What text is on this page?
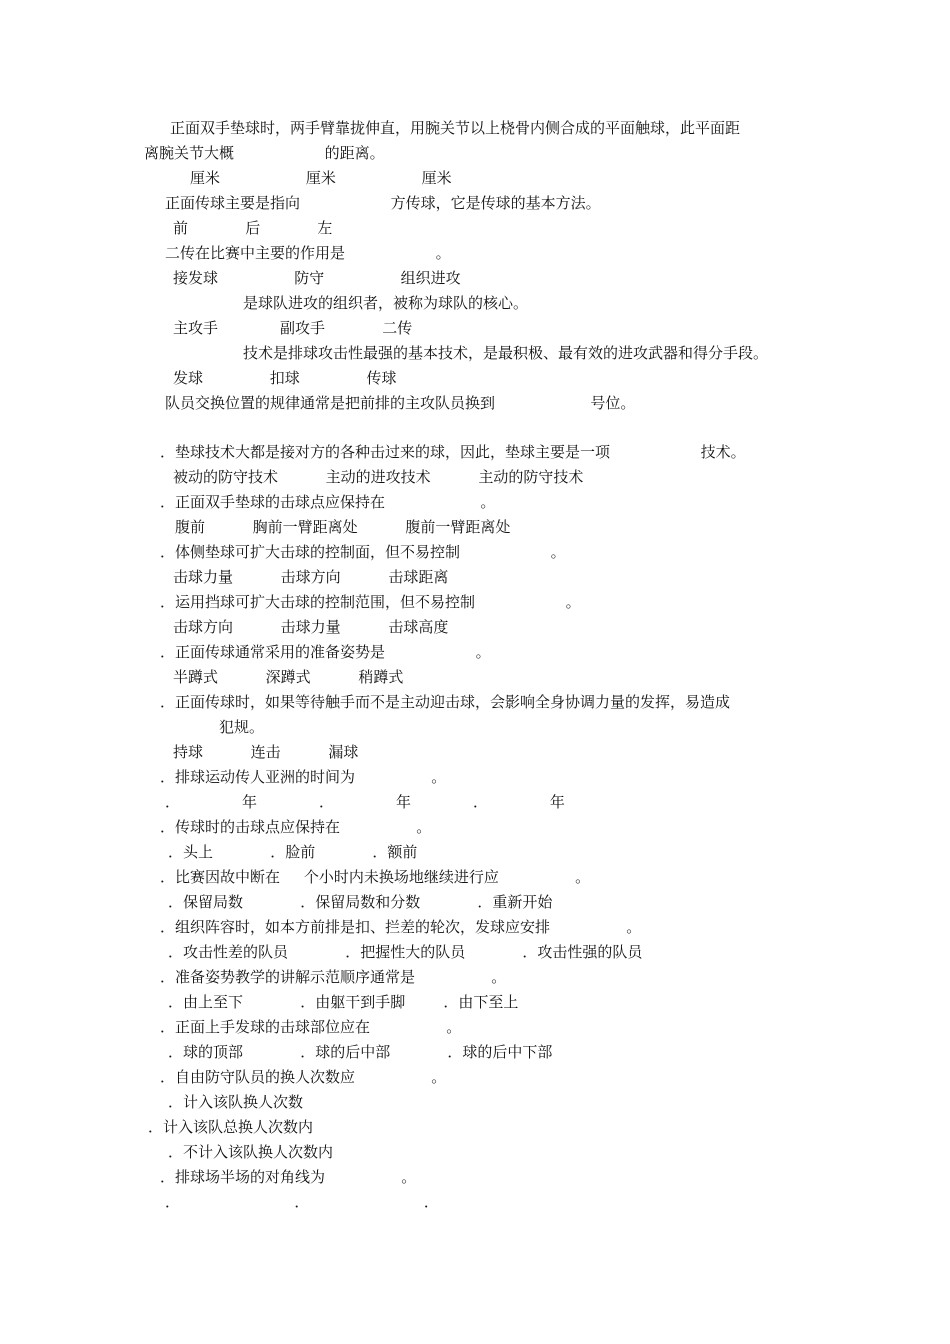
正面双手垫球时，两手臂靠拢伸直，用腕关节以上桡骨内侧合成的平面触球，此平面距
离腕关节大概                   的距离。
厘米                  厘米                  厘米
正面传球主要是指向                   方传球，它是传球的基本方法。
前            后            左
二传在比赛中主要的作用是                   。
接发球                防守                组织进攻
是球队进攻的组织者，被称为球队的核心。
主攻手             副攻手            二传
技术是排球攻击性最强的基本技术，是最积极、最有效的进攻武器和得分手段。
发球              扣球              传球
队员交换位置的规律通常是把前排的主攻队员换到                    号位。
．垫球技术大都是接对方的各种击过来的球，因此，垫球主要是一项                   技术。
被动的防守技术          主动的进攻技术          主动的防守技术
．正面双手垫球的击球点应保持在                    。
腹前          胸前一臂距离处          腹前一臂距离处
．体侧垫球可扩大击球的控制面，但不易控制                   。
击球力量          击球方向          击球距离
．运用挡球可扩大击球的控制范围，但不易控制                   。
击球方向          击球力量          击球高度
．正面传球通常采用的准备姿势是                   。
半蹲式          深蹲式          稍蹲式
．正面传球时，如果等待触手而不是主动迎击球，会影响全身协调力量的发挥，易造成
犯规。
持球          连击          漏球
．排球运动传人亚洲的时间为                。
．             年             ．             年             ．             年
．传球时的击球点应保持在                。
．头上            ．脸前            ．额前
．比赛因故中断在     个小时内未换场地继续进行应                。
．保留局数            ．保留局数和分数            ．重新开始
．组织阵容时，如本方前排是扣、拦差的轮次，发球应安排                。
．攻击性差的队员            ．把握性大的队员            ．攻击性强的队员
．准备姿势教学的讲解示范顺序通常是                。
．由上至下            ．由躯干到手脚        ．由下至上
．正面上手发球的击球部位应在                。
．球的顶部            ．球的后中部            ．球的后中下部
．自由防守队员的换人次数应                。
．计入该队换人次数
．计入该队总换人次数内
．不计入该队换人次数内
．排球场半场的对角线为                。
．                        ．                        ．
